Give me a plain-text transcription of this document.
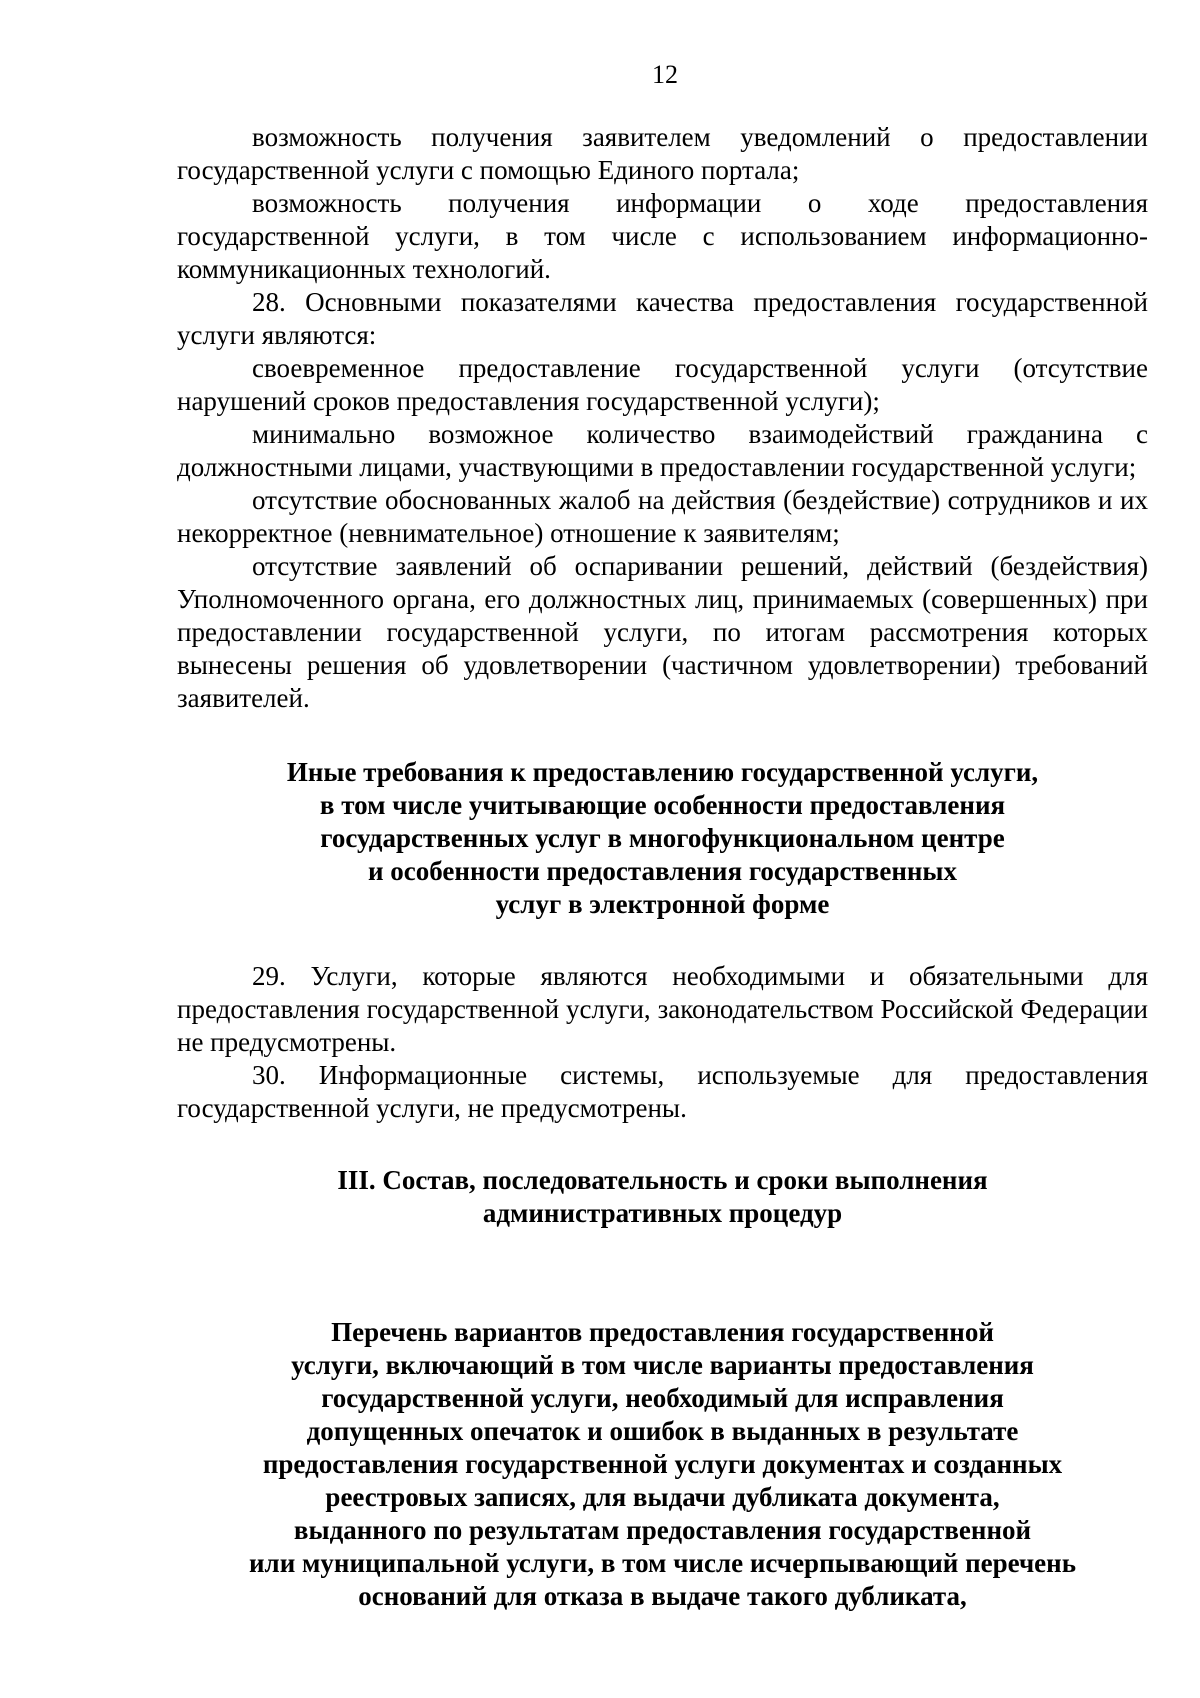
12

возможность получения заявителем уведомлений о предоставлении государственной услуги с помощью Единого портала;

возможность получения информации о ходе предоставления государственной услуги, в том числе с использованием информационно-коммуникационных технологий.

28. Основными показателями качества предоставления государственной услуги являются:

своевременное предоставление государственной услуги (отсутствие нарушений сроков предоставления государственной услуги);

минимально возможное количество взаимодействий гражданина с должностными лицами, участвующими в предоставлении государственной услуги;

отсутствие обоснованных жалоб на действия (бездействие) сотрудников и их некорректное (невнимательное) отношение к заявителям;

отсутствие заявлений об оспаривании решений, действий (бездействия) Уполномоченного органа, его должностных лиц, принимаемых (совершенных) при предоставлении государственной услуги, по итогам рассмотрения которых вынесены решения об удовлетворении (частичном удовлетворении) требований заявителей.

Иные требования к предоставлению государственной услуги,
в том числе учитывающие особенности предоставления
государственных услуг в многофункциональном центре
и особенности предоставления государственных
услуг в электронной форме

29. Услуги, которые являются необходимыми и обязательными для предоставления государственной услуги, законодательством Российской Федерации не предусмотрены.

30. Информационные системы, используемые для предоставления государственной услуги, не предусмотрены.

III. Состав, последовательность и сроки выполнения
административных процедур
Перечень вариантов предоставления государственной
услуги, включающий в том числе варианты предоставления
государственной услуги, необходимый для исправления
допущенных опечаток и ошибок в выданных в результате
предоставления государственной услуги документах и созданных
реестровых записях, для выдачи дубликата документа,
выданного по результатам предоставления государственной
или муниципальной услуги, в том числе исчерпывающий перечень
оснований для отказа в выдаче такого дубликата,
